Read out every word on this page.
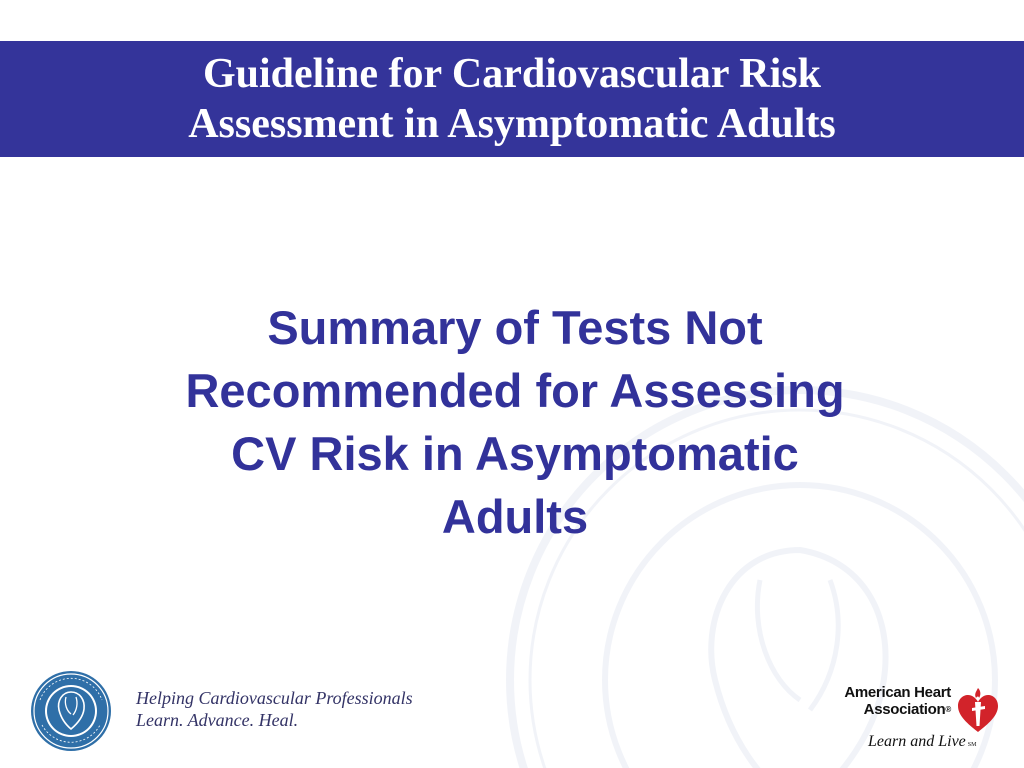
Guideline for Cardiovascular Risk
Assessment in Asymptomatic Adults
Summary of Tests Not
Recommended for Assessing
CV Risk in Asymptomatic
Adults
Helping Cardiovascular Professionals
Learn. Advance. Heal.
American Heart
Association®
Learn and Live SM
